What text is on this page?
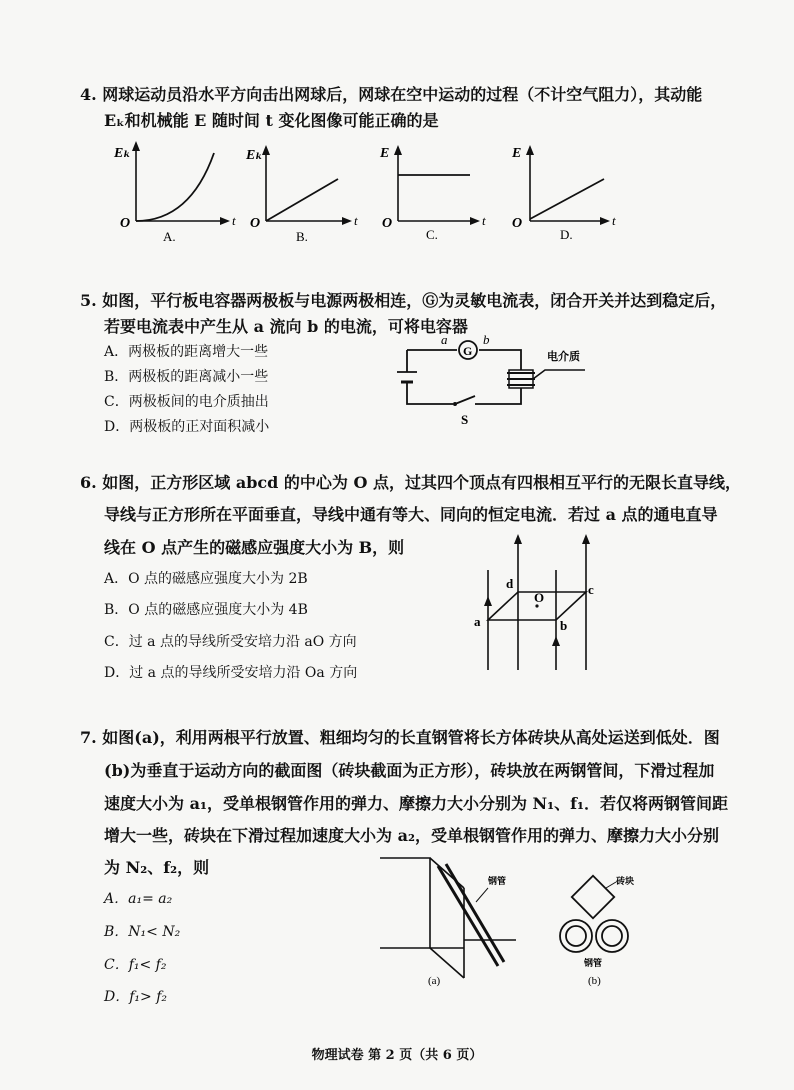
4. 网球运动员沿水平方向击出网球后，网球在空中运动的过程（不计空气阻力），其动能
Eₖ和机械能 E 随时间 t 变化图像可能正确的是
Eₖ
O	t
A.
Eₖ
O	t
B.
E
O	t
C.
E
O	t
D.
5. 如图，平行板电容器两极板与电源两极相连，Ⓖ为灵敏电流表，闭合开关并达到稳定后，
若要电流表中产生从 a 流向 b 的电流，可将电容器
A．两极板的距离增大一些
B．两极板的距离减小一些
C．两极板间的电介质抽出
D．两极板的正对面积减小
G
a	b
电介质
S
6. 如图，正方形区域 abcd 的中心为 O 点，过其四个顶点有四根相互平行的无限长直导线，
导线与正方形所在平面垂直，导线中通有等大、同向的恒定电流．若过 a 点的通电直导
线在 O 点产生的磁感应强度大小为 B，则
A．O 点的磁感应强度大小为 2B
B．O 点的磁感应强度大小为 4B
C．过 a 点的导线所受安培力沿 aO 方向
D．过 a 点的导线所受安培力沿 Oa 方向
a	b
c
d
O
7. 如图(a)，利用两根平行放置、粗细均匀的长直钢管将长方体砖块从高处运送到低处．图
(b)为垂直于运动方向的截面图（砖块截面为正方形），砖块放在两钢管间，下滑过程加
速度大小为 a₁，受单根钢管作用的弹力、摩擦力大小分别为 N₁、f₁．若仅将两钢管间距
增大一些，砖块在下滑过程加速度大小为 a₂，受单根钢管作用的弹力、摩擦力大小分别
为 N₂、f₂，则
A．a₁= a₂
B．N₁< N₂
C．f₁< f₂
D．f₁> f₂
钢管
(a)
砖块
钢管
(b)
物理试卷 第 2 页（共 6 页）
